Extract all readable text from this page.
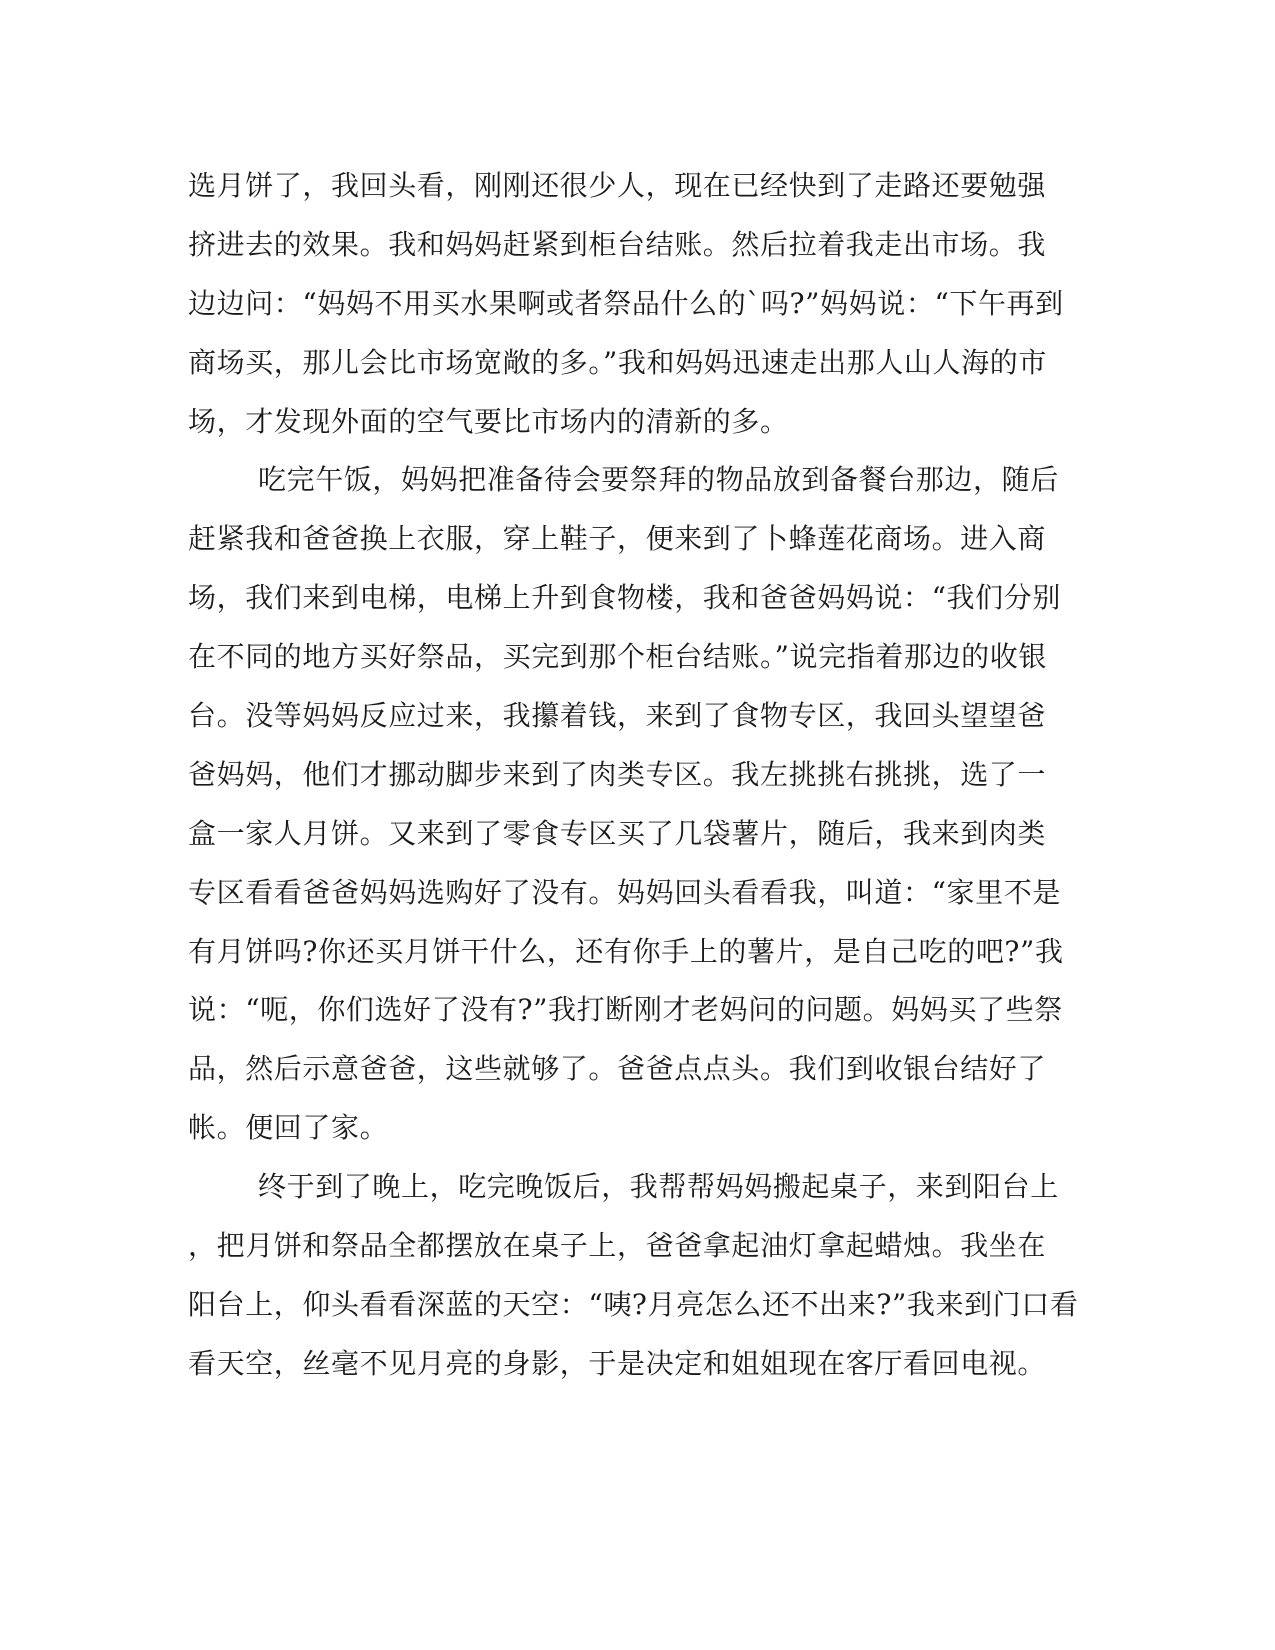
选月饼了，我回头看，刚刚还很少人，现在已经快到了走路还要勉强
挤进去的效果。我和妈妈赶紧到柜台结账。然后拉着我走出市场。我
边边问：“妈妈不用买水果啊或者祭品什么的`吗?”妈妈说：“下午再到
商场买，那儿会比市场宽敞的多。”我和妈妈迅速走出那人山人海的市
场，才发现外面的空气要比市场内的清新的多。
吃完午饭，妈妈把准备待会要祭拜的物品放到备餐台那边，随后
赶紧我和爸爸换上衣服，穿上鞋子，便来到了卜蜂莲花商场。进入商
场，我们来到电梯，电梯上升到食物楼，我和爸爸妈妈说：“我们分别
在不同的地方买好祭品，买完到那个柜台结账。”说完指着那边的收银
台。没等妈妈反应过来，我攥着钱，来到了食物专区，我回头望望爸
爸妈妈，他们才挪动脚步来到了肉类专区。我左挑挑右挑挑，选了一
盒一家人月饼。又来到了零食专区买了几袋薯片，随后，我来到肉类
专区看看爸爸妈妈选购好了没有。妈妈回头看看我，叫道：“家里不是
有月饼吗?你还买月饼干什么，还有你手上的薯片，是自己吃的吧?”我
说：“呃，你们选好了没有?”我打断刚才老妈问的问题。妈妈买了些祭
品，然后示意爸爸，这些就够了。爸爸点点头。我们到收银台结好了
帐。便回了家。
终于到了晚上，吃完晚饭后，我帮帮妈妈搬起桌子，来到阳台上
，把月饼和祭品全都摆放在桌子上，爸爸拿起油灯拿起蜡烛。我坐在
阳台上，仰头看看深蓝的天空：“咦?月亮怎么还不出来?”我来到门口看
看天空，丝毫不见月亮的身影，于是决定和姐姐现在客厅看回电视。
